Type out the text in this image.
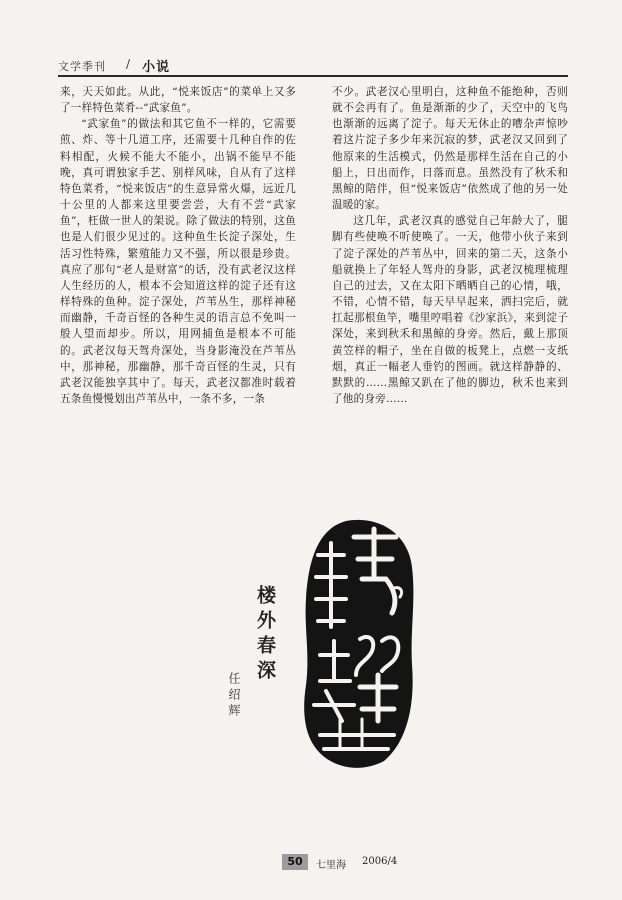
文学季刊 / 小说

来，天天如此。从此，“悦来饭店”的菜单上又多了一样特色菜肴--“武家鱼”。

“武家鱼”的做法和其它鱼不一样的，它需要煎、炸、等十几道工序，还需要十几种自作的佐料相配，火候不能大不能小，出锅不能早不能晚，真可谓独家手艺、别样风味，自从有了这样特色菜肴，“悦来饭店”的生意异常火爆，远近几十公里的人都来这里要尝尝，大有不尝“武家鱼”，枉做一世人的架说。除了做法的特别，这鱼也是人们很少见过的。这种鱼生长淀子深处，生活习性特殊，繁殖能力又不强，所以很是珍贵。真应了那句“老人是财富”的话，没有武老汉这样人生经历的人，根本不会知道这样的淀子还有这样特殊的鱼种。淀子深处，芦苇丛生，那样神秘而幽静，千奇百怪的各种生灵的语言总不免叫一般人望而却步。所以，用网捕鱼是根本不可能的。武老汉每天驾舟深处，当身影淹没在芦苇丛中，那神秘，那幽静，那千奇百怪的生灵，只有武老汉能独享其中了。每天，武老汉都准时载着五条鱼慢慢划出芦苇丛中，一条不多，一条

不少。武老汉心里明白，这种鱼不能绝种，否则就不会再有了。鱼是渐渐的少了，天空中的飞鸟也渐渐的远离了淀子。每天无休止的嘈杂声惊吵着这片淀子多少年来沉寂的梦，武老汉又回到了他原来的生活模式，仍然是那样生活在自己的小船上，日出而作，日落而息。虽然没有了秋禾和黑鲸的陪伴，但“悦来饭店”依然成了他的另一处温暖的家。

这几年，武老汉真的感觉自己年龄大了，腿脚有些使唤不听使唤了。一天，他带小伙子来到了淀子深处的芦苇丛中，回来的第二天，这条小船就换上了年轻人驾舟的身影，武老汉梳理梳理自己的过去，又在太阳下晒晒自己的心情，哦，不错，心情不错，每天早早起来，洒扫完后，就扛起那根鱼竿，嘴里哼唱着《沙家浜》，来到淀子深处，来到秋禾和黑鲸的身旁。然后，戴上那顶黄笠样的帽子，坐在自做的板凳上，点燃一支纸烟，真正一幅老人垂钓的图画。就这样静静的、默默的……黑鲸又趴在了他的脚边，秋禾也来到了他的身旁……

楼外春深
任绍辉
50	七里海 2006/4
